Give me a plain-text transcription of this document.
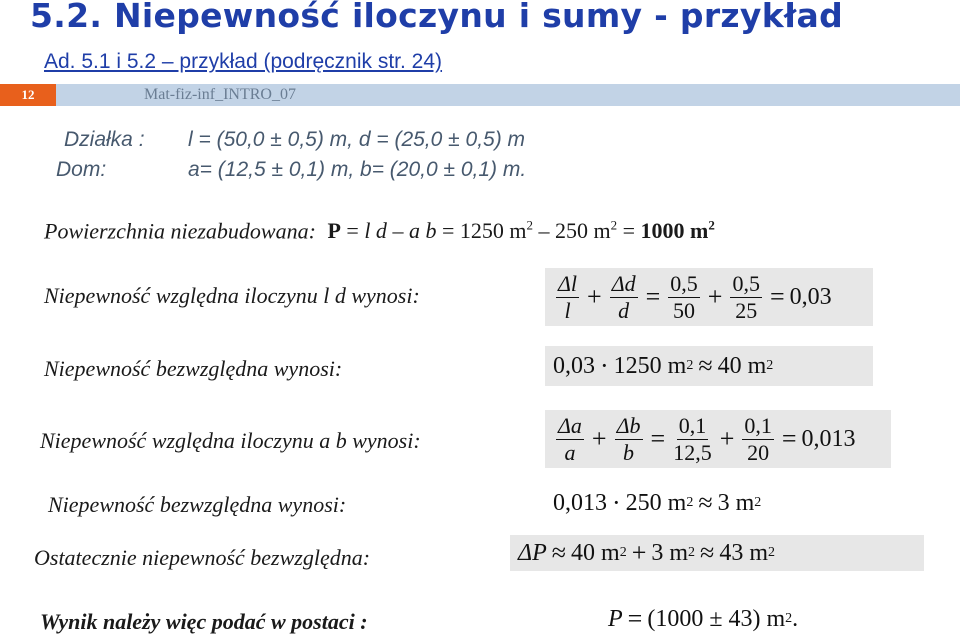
5.2. Niepewność iloczynu i sumy - przykład
Ad. 5.1 i 5.2 – przykład (podręcznik str. 24)
12	Mat-fiz-inf_INTRO_07
Działka : l = (50,0 ± 0,5) m, d = (25,0 ± 0,5) m
Dom:	a= (12,5 ± 0,1) m, b= (20,0 ± 0,1) m.
Powierzchnia niezabudowana: P = l d – a b = 1250 $m^2 - 250$ $m^2 = 1000$ $m^2$
Niepewność względna iloczynu l d wynosi:
Niepewność bezwzględna wynosi:
Niepewność względna iloczynu a b wynosi:
Niepewność bezwzględna wynosi:
Ostatecznie niepewność bezwzględna:
Wynik należy więc podać w postaci :
$\frac{\Delta l}{l} + \frac{\Delta d}{d} = \frac{0,5}{50} + \frac{0,5}{25} = 0,03$
0,03 · 1250 m 2 ≈ 40 m 2
$\frac{\Delta a}{a} + \frac{\Delta b}{b} = \frac{0,1}{12,5} + \frac{0,1}{20} = 0,013$
0,013 · 250 m 2 ≈ 3 m 2
ΔP ≈ 40 m 2 + 3 m 2 ≈ 43 m 2
P = (1000 ± 43) m 2 .
